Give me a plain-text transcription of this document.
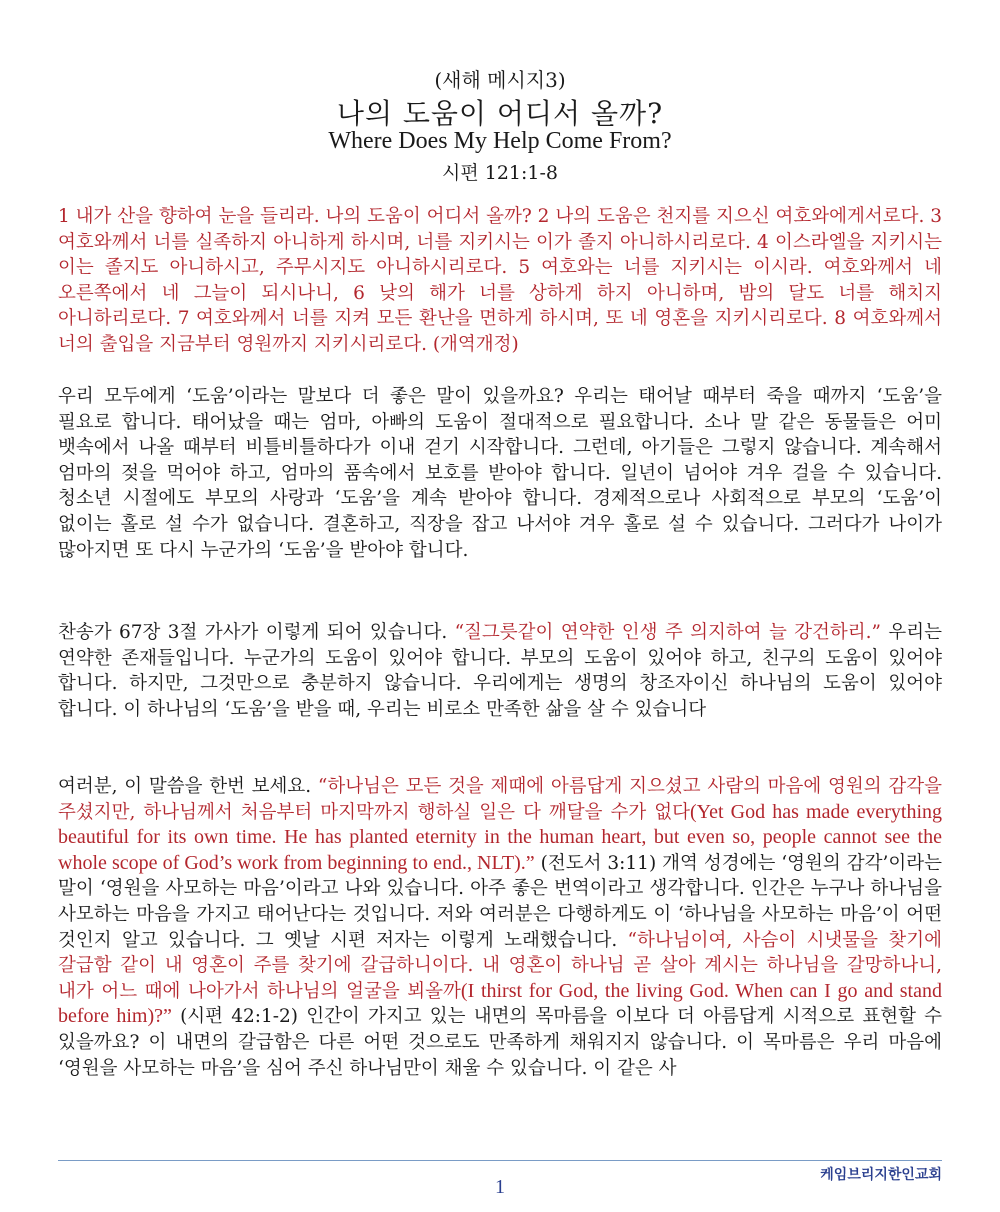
(새해 메시지3)
나의 도움이 어디서 올까?
Where Does My Help Come From?
시편 121:1-8

1 내가 산을 향하여 눈을 들리라. 나의 도움이 어디서 올까? 2 나의 도움은 천지를 지으신 여호와에게서로다. 3 여호와께서 너를 실족하지 아니하게 하시며, 너를 지키시는 이가 졸지 아니하시리로다. 4 이스라엘을 지키시는 이는 졸지도 아니하시고, 주무시지도 아니하시리로다. 5 여호와는 너를 지키시는 이시라. 여호와께서 네 오른쪽에서 네 그늘이 되시나니, 6 낮의 해가 너를 상하게 하지 아니하며, 밤의 달도 너를 해치지 아니하리로다. 7 여호와께서 너를 지켜 모든 환난을 면하게 하시며, 또 네 영혼을 지키시리로다. 8 여호와께서 너의 출입을 지금부터 영원까지 지키시리로다. (개역개정)

우리 모두에게 ‘도움’이라는 말보다 더 좋은 말이 있을까요? 우리는 태어날 때부터 죽을 때까지 ‘도움’을 필요로 합니다. 태어났을 때는 엄마, 아빠의 도움이 절대적으로 필요합니다. 소나 말 같은 동물들은 어미 뱃속에서 나올 때부터 비틀비틀하다가 이내 걷기 시작합니다. 그런데, 아기들은 그렇지 않습니다. 계속해서 엄마의 젖을 먹어야 하고, 엄마의 품속에서 보호를 받아야 합니다. 일년이 넘어야 겨우 걸을 수 있습니다. 청소년 시절에도 부모의 사랑과 ‘도움’을 계속 받아야 합니다. 경제적으로나 사회적으로 부모의 ‘도움’이 없이는 홀로 설 수가 없습니다. 결혼하고, 직장을 잡고 나서야 겨우 홀로 설 수 있습니다. 그러다가 나이가 많아지면 또 다시 누군가의 ‘도움’을 받아야 합니다.

찬송가 67장 3절 가사가 이렇게 되어 있습니다. “질그릇같이 연약한 인생 주 의지하여 늘 강건하리.” 우리는 연약한 존재들입니다. 누군가의 도움이 있어야 합니다. 부모의 도움이 있어야 하고, 친구의 도움이 있어야 합니다. 하지만, 그것만으로 충분하지 않습니다. 우리에게는 생명의 창조자이신 하나님의 도움이 있어야 합니다. 이 하나님의 ‘도움’을 받을 때, 우리는 비로소 만족한 삶을 살 수 있습니다

여러분, 이 말씀을 한번 보세요. “하나님은 모든 것을 제때에 아름답게 지으셨고 사람의 마음에 영원의 감각을 주셨지만, 하나님께서 처음부터 마지막까지 행하실 일은 다 깨달을 수가 없다(Yet God has made everything beautiful for its own time. He has planted eternity in the human heart, but even so, people cannot see the whole scope of God’s work from beginning to end., NLT).” (전도서 3:11) 개역 성경에는 ‘영원의 감각’이라는 말이 ‘영원을 사모하는 마음’이라고 나와 있습니다. 아주 좋은 번역이라고 생각합니다. 인간은 누구나 하나님을 사모하는 마음을 가지고 태어난다는 것입니다. 저와 여러분은 다행하게도 이 ‘하나님을 사모하는 마음’이 어떤 것인지 알고 있습니다. 그 옛날 시편 저자는 이렇게 노래했습니다. “하나님이여, 사슴이 시냇물을 찾기에 갈급함 같이 내 영혼이 주를 찾기에 갈급하니이다. 내 영혼이 하나님 곧 살아 계시는 하나님을 갈망하나니, 내가 어느 때에 나아가서 하나님의 얼굴을 뵈올까(I thirst for God, the living God. When can I go and stand before him)?” (시편 42:1-2) 인간이 가지고 있는 내면의 목마름을 이보다 더 아름답게 시적으로 표현할 수 있을까요? 이 내면의 갈급함은 다른 어떤 것으로도 만족하게 채워지지 않습니다. 이 목마름은 우리 마음에 ‘영원을 사모하는 마음’을 심어 주신 하나님만이 채울 수 있습니다. 이 같은 사

1
케임브리지한인교회
